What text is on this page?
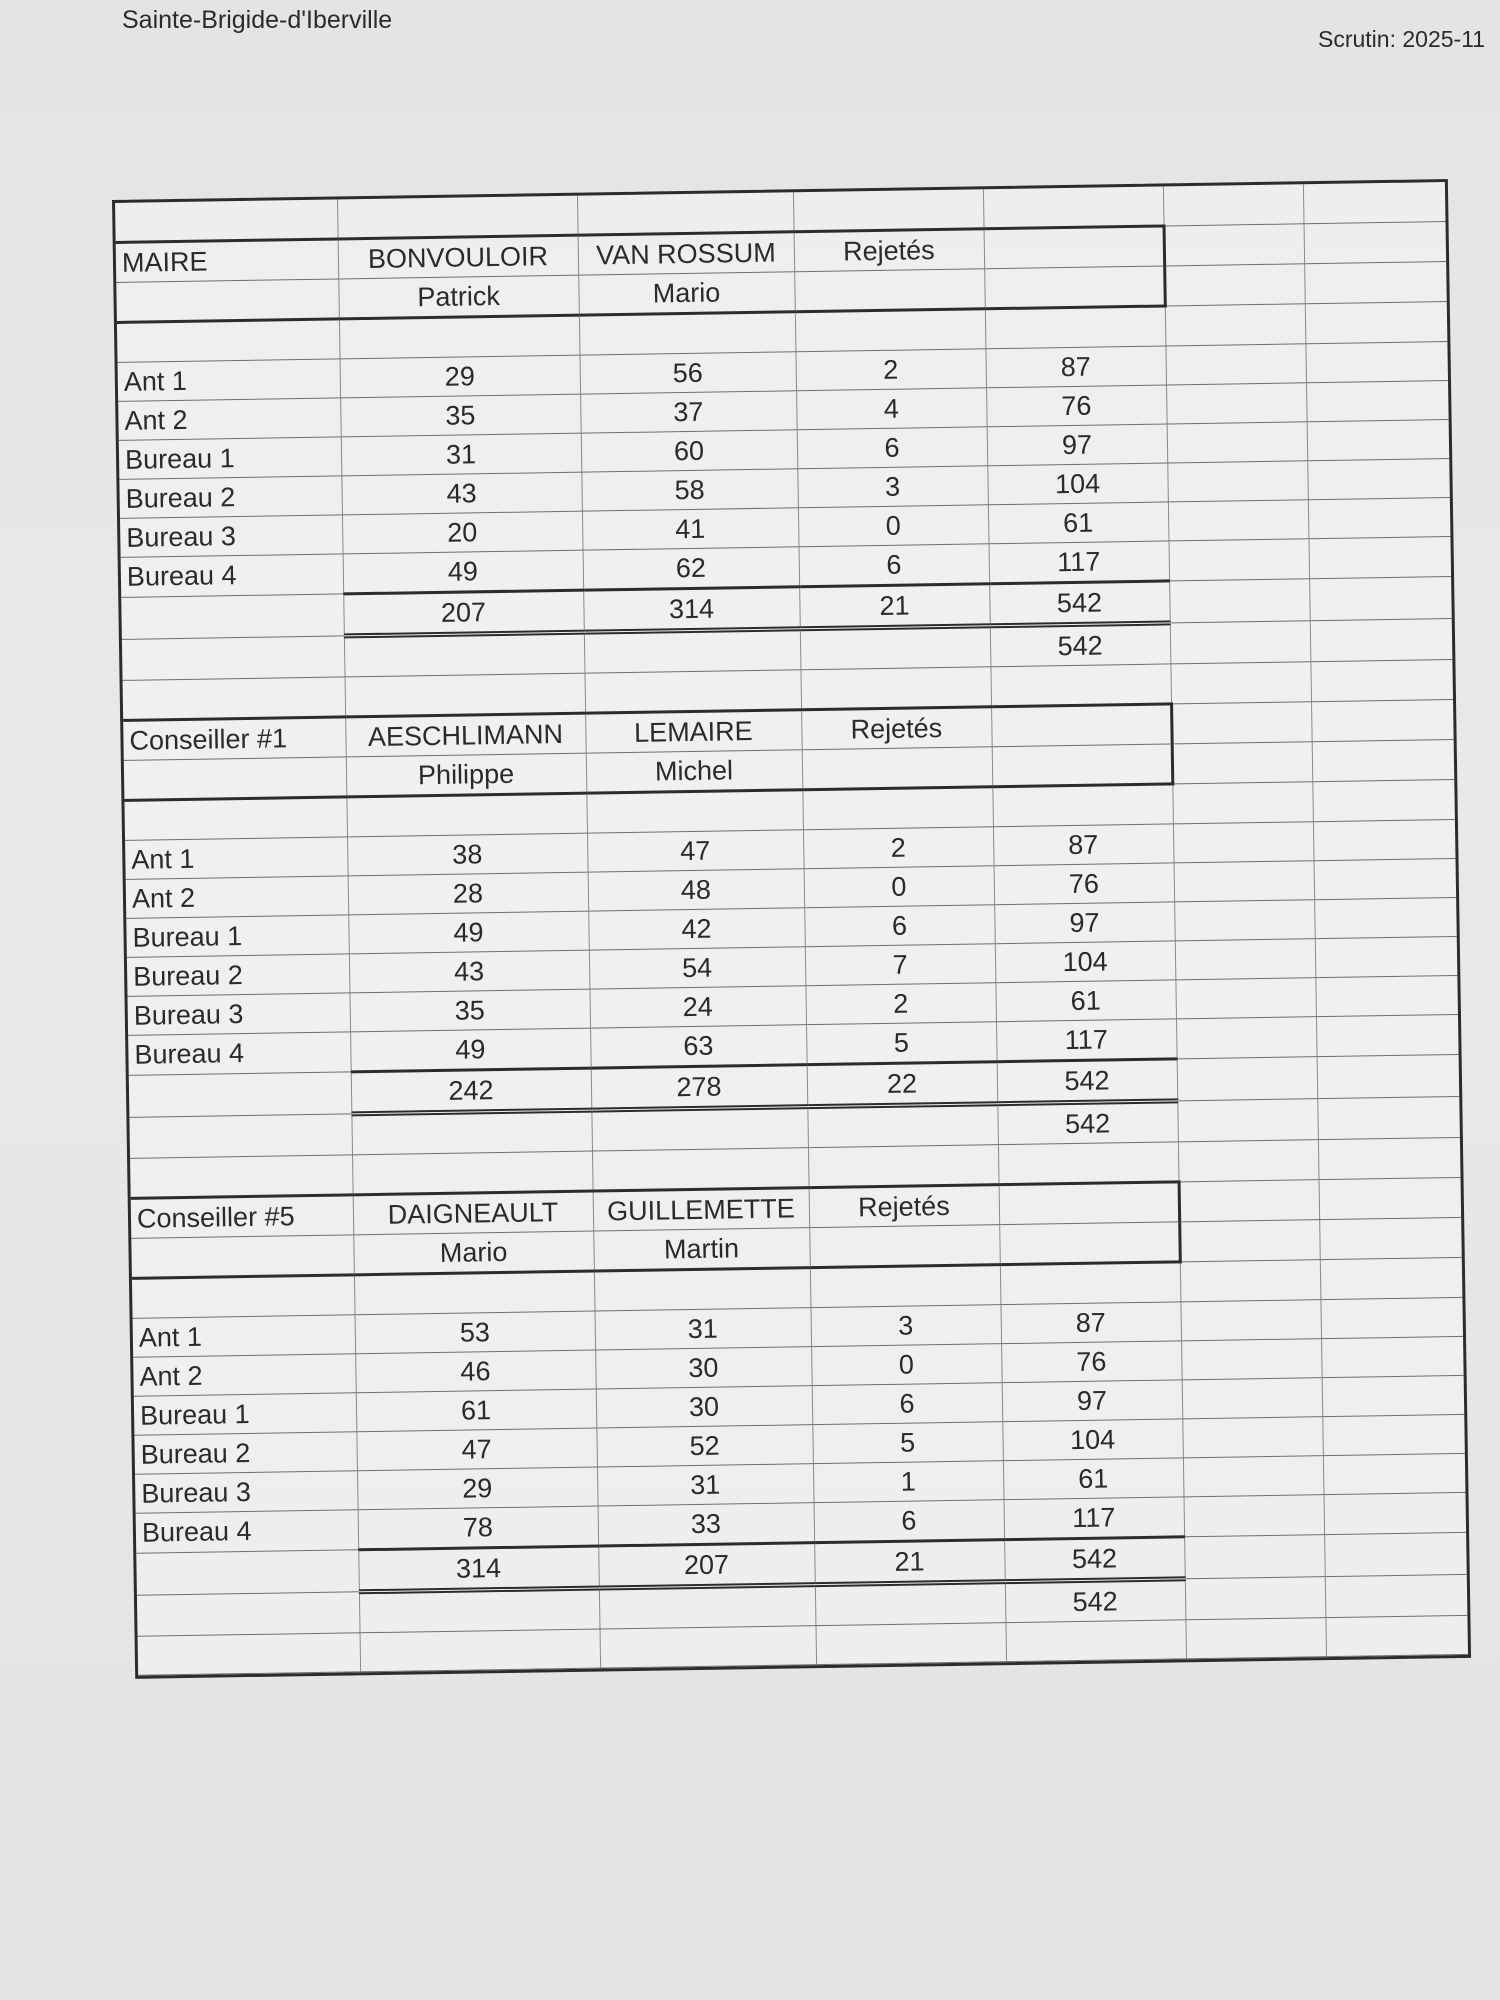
Sainte-Brigide-d'Iberville
Scrutin: 2025-11

MAIRE	BONVOULOIR	VAN ROSSUM	Rejetés			
	Patrick	Mario				

Ant 1	29	56	2	87		
Ant 2	35	37	4	76		
Bureau 1	31	60	6	97		
Bureau 2	43	58	3	104		
Bureau 3	20	41	0	61		
Bureau 4	49	62	6	117		
	207	314	21	542		
				542		

Conseiller #1	AESCHLIMANN	LEMAIRE	Rejetés			
	Philippe	Michel				

Ant 1	38	47	2	87		
Ant 2	28	48	0	76		
Bureau 1	49	42	6	97		
Bureau 2	43	54	7	104		
Bureau 3	35	24	2	61		
Bureau 4	49	63	5	117		
	242	278	22	542		
				542		

Conseiller #5	DAIGNEAULT	GUILLEMETTE	Rejetés			
	Mario	Martin				

Ant 1	53	31	3	87		
Ant 2	46	30	0	76		
Bureau 1	61	30	6	97		
Bureau 2	47	52	5	104		
Bureau 3	29	31	1	61		
Bureau 4	78	33	6	117		
	314	207	21	542		
				542		
